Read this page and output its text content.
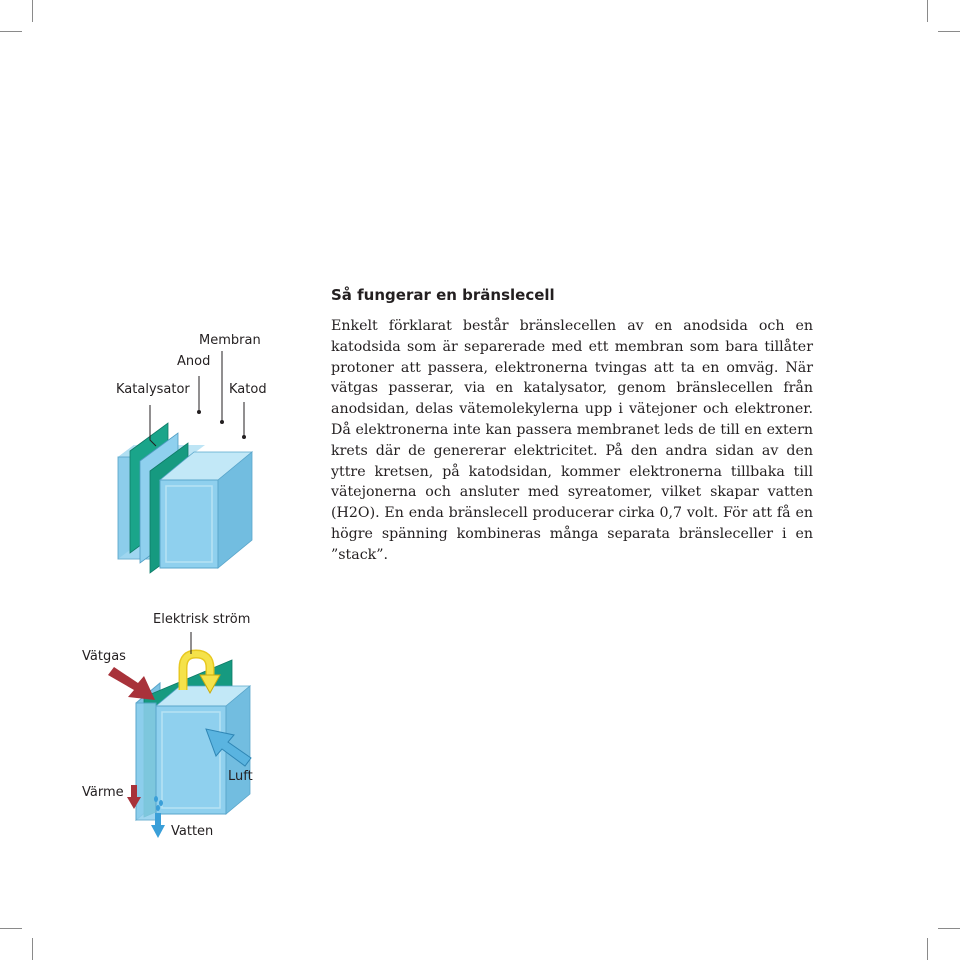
Så fungerar en bränslecell

Enkelt förklarat består bränslecellen av en anodsida och en katodsida som är separerade med ett membran som bara tillåter protoner att passera, elektronerna tvingas att ta en omväg. När vätgas passerar, via en katalysator, genom bränslecellen från anodsidan, delas vätemolekylerna upp i vätejoner och elektroner. Då elektronerna inte kan passera membranet leds de till en extern krets där de genererar elektricitet. På den andra sidan av den yttre kretsen, på katodsidan, kommer elektronerna tillbaka till vätejonerna och ansluter med syreatomer, vilket skapar vatten (H2O). En enda bränslecell producerar cirka 0,7 volt. För att få en högre spänning kombineras många separata bränsleceller i en ”stack”.

Membran
Anod
Katalysator	Katod
Elektrisk ström
Vätgas
Värme
Luft
Vatten
